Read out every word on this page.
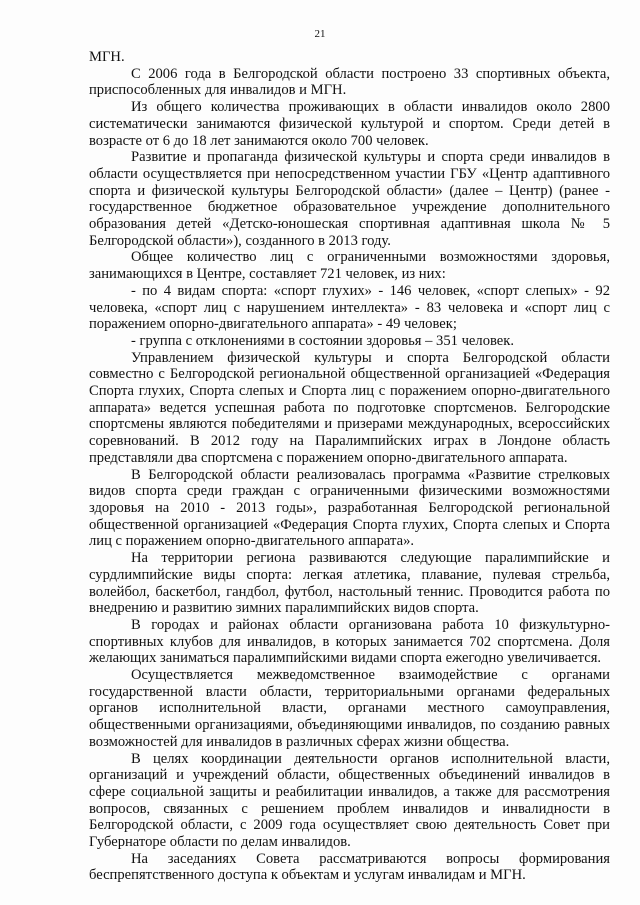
21

МГН.

С 2006 года в Белгородской области построено 33 спортивных объекта, приспособленных для инвалидов и МГН.

Из общего количества проживающих в области инвалидов около 2800 систематически занимаются физической культурой и спортом. Среди детей в возрасте от 6 до 18 лет занимаются около 700 человек.

Развитие и пропаганда физической культуры и спорта среди инвалидов в области осуществляется при непосредственном участии ГБУ «Центр адаптивного спорта и физической культуры Белгородской области» (далее – Центр) (ранее - государственное бюджетное образовательное учреждение дополнительного образования детей «Детско-юношеская спортивная адаптивная школа № 5 Белгородской области»), созданного в 2013 году.

Общее количество лиц с ограниченными возможностями здоровья, занимающихся в Центре, составляет 721 человек, из них:

- по 4 видам спорта: «спорт глухих» - 146 человек, «спорт слепых» - 92 человека, «спорт лиц с нарушением интеллекта» - 83 человека и «спорт лиц с поражением опорно-двигательного аппарата» - 49 человек;

- группа с отклонениями в состоянии здоровья – 351 человек.

Управлением физической культуры и спорта Белгородской области совместно с Белгородской региональной общественной организацией «Федерация Спорта глухих, Спорта слепых и Спорта лиц с поражением опорно-двигательного аппарата» ведется успешная работа по подготовке спортсменов. Белгородские спортсмены являются победителями и призерами международных, всероссийских соревнований. В 2012 году на Паралимпийских играх в Лондоне область представляли два спортсмена с поражением опорно-двигательного аппарата.

В Белгородской области реализовалась программа «Развитие стрелковых видов спорта среди граждан с ограниченными физическими возможностями здоровья на 2010 - 2013 годы», разработанная Белгородской региональной общественной организацией «Федерация Спорта глухих, Спорта слепых и Спорта лиц с поражением опорно-двигательного аппарата».

На территории региона развиваются следующие паралимпийские и сурдлимпийские виды спорта: легкая атлетика, плавание, пулевая стрельба, волейбол, баскетбол, гандбол, футбол, настольный теннис. Проводится работа по внедрению и развитию зимних паралимпийских видов спорта.

В городах и районах области организована работа 10 физкультурно-спортивных клубов для инвалидов, в которых занимается 702 спортсмена. Доля желающих заниматься паралимпийскими видами спорта ежегодно увеличивается.

Осуществляется межведомственное взаимодействие с органами государственной власти области, территориальными органами федеральных органов исполнительной власти, органами местного самоуправления, общественными организациями, объединяющими инвалидов, по созданию равных возможностей для инвалидов в различных сферах жизни общества.

В целях координации деятельности органов исполнительной власти, организаций и учреждений области, общественных объединений инвалидов в сфере социальной защиты и реабилитации инвалидов, а также для рассмотрения вопросов, связанных с решением проблем инвалидов и инвалидности в Белгородской области, с 2009 года осуществляет свою деятельность Совет при Губернаторе области по делам инвалидов.

На заседаниях Совета рассматриваются вопросы формирования беспрепятственного доступа к объектам и услугам инвалидам и МГН.
